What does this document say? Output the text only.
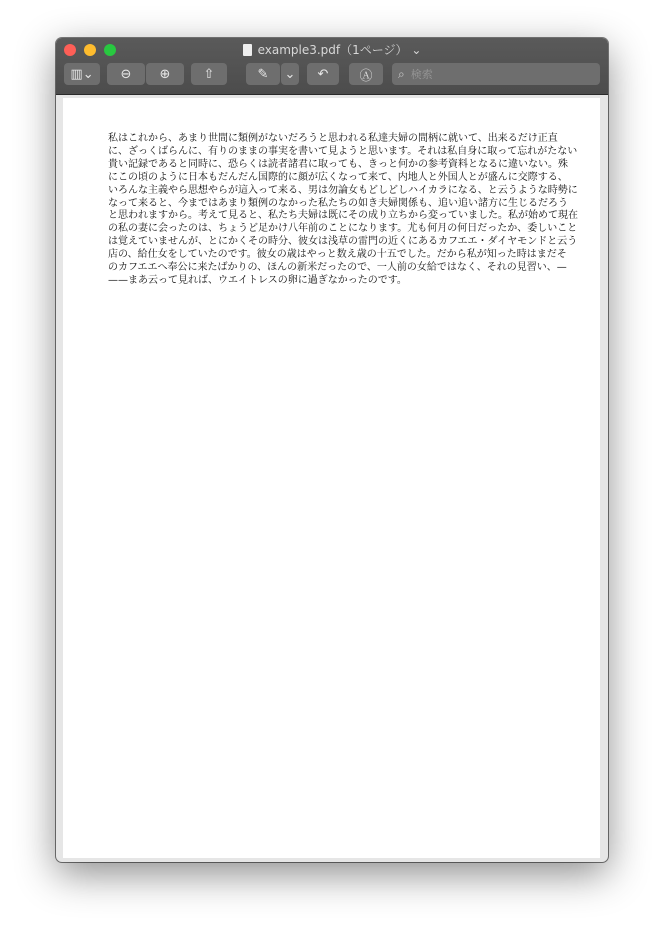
example3.pdf（1ページ） ⌄
▥⌄ ⊖ ⊕	⇧	✎ ⌄ ↶ Ⓐ ⌕ 検索
私はこれから、あまり世間に類例がないだろうと思われる私達夫婦の間柄に就いて、出来るだけ正直
に、ざっくばらんに、有りのままの事実を書いて見ようと思います。それは私自身に取って忘れがたない
貴い記録であると同時に、恐らくは読者諸君に取っても、きっと何かの参考資料となるに違いない。殊
にこの頃のように日本もだんだん国際的に顔が広くなって来て、内地人と外国人とが盛んに交際する、
いろんな主義やら思想やらが這入って来る、男は勿論女もどしどしハイカラになる、と云うような時勢に
なって来ると、今まではあまり類例のなかった私たちの如き夫婦関係も、追い追い諸方に生じるだろう
と思われますから。考えて見ると、私たち夫婦は既にその成り立ちから変っていました。私が始めて現在
の私の妻に会ったのは、ちょうど足かけ八年前のことになります。尤も何月の何日だったか、委しいこと
は覚えていませんが、とにかくその時分、彼女は浅草の雷門の近くにあるカフエエ・ダイヤモンドと云う
店の、給仕女をしていたのです。彼女の歳はやっと数え歳の十五でした。だから私が知った時はまだそ
のカフエエへ奉公に来たばかりの、ほんの新米だったので、一人前の女給ではなく、それの見習い、—
——まあ云って見れば、ウエイトレスの卵に過ぎなかったのです。
